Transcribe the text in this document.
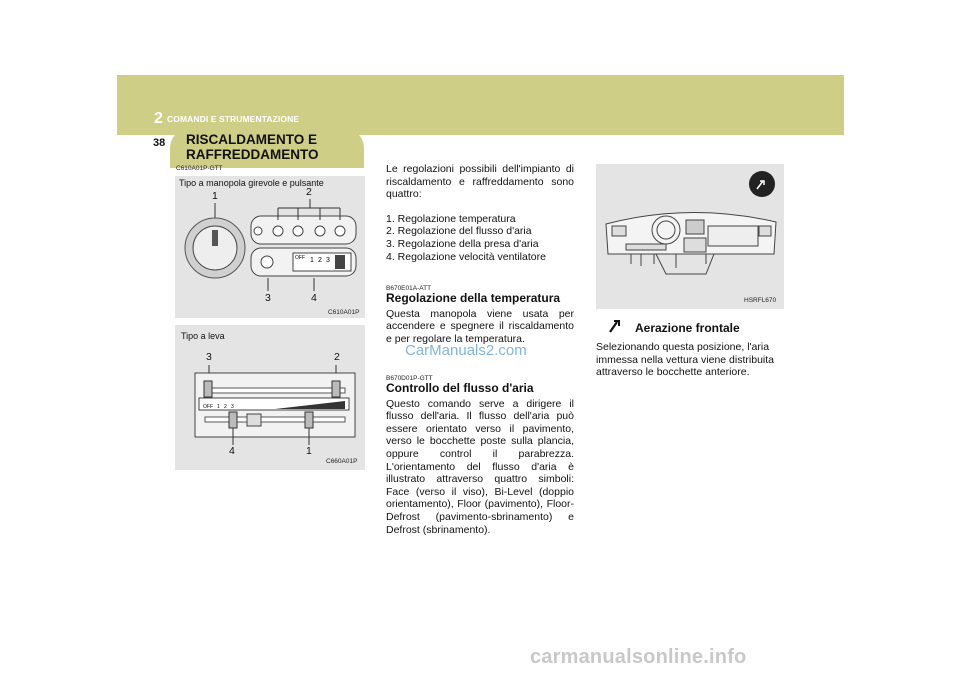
2 COMANDI E STRUMENTAZIONE
38 RISCALDAMENTO E
RAFFREDDAMENTO
C610A01P-GTT
Tipo a manopola girevole e pulsante
1	2
3	4
OFF 1 2 3
C610A01P
Tipo a leva
3	2
4	1
OFF 1 2 3
C660A01P

Le regolazioni possibili dell'impianto di riscaldamento e raffreddamento sono quattro:

1. Regolazione temperatura

2. Regolazione del flusso d'aria

3. Regolazione della presa d'aria

4. Regolazione velocità ventilatore

B670E01A-ATT

Regolazione della temperatura

Questa manopola viene usata per accendere e spegnere il riscaldamento e per regolare la temperatura.

CarManuals2.com
B670D01P-GTT

Controllo del flusso d'aria

Questo comando serve a dirigere il flusso dell'aria. Il flusso dell'aria può essere orientato verso il pavimento, verso le bocchette poste sulla plancia, oppure control il parabrezza. L'orientamento del flusso d'aria è illustrato attraverso quattro simboli: Face (verso il viso), Bi-Level (doppio orientamento), Floor (pavimento), Floor-Defrost (pavimento-sbrinamento) e Defrost (sbrinamento).

HSRFL670
Aerazione frontale
Selezionando questa posizione, l'aria immessa nella vettura viene distribuita attraverso le bocchette anteriore.
carmanualsonline.info
